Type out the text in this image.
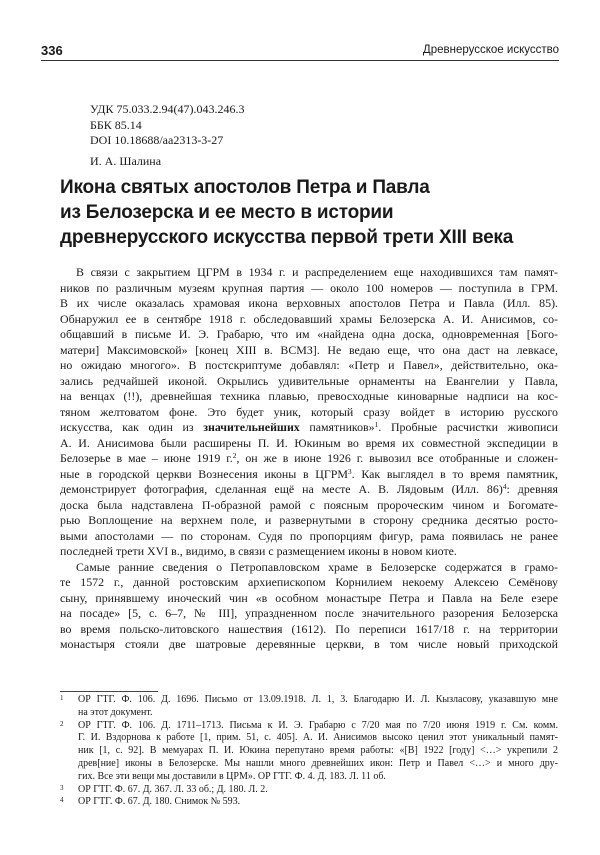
336	Древнерусское искусство
УДК 75.033.2.94(47).043.246.3
ББК 85.14
DOI 10.18688/aa2313-3-27
И. А. Шалина
Икона святых апостолов Петра и Павла
из Белозерска и ее место в истории
древнерусского искусства первой трети XIII века
В связи с закрытием ЦГРМ в 1934 г. и распределением еще находившихся там памят-
ников по различным музеям крупная партия — около 100 номеров — поступила в ГРМ.
В их числе оказалась храмовая икона верховных апостолов Петра и Павла (Илл. 85).
Обнаружил ее в сентябре 1918 г. обследовавший храмы Белозерска А. И. Анисимов, со-
общавший в письме И. Э. Грабарю, что им «найдена одна доска, одновременная [Бого-
матери] Максимовской» [конец XIII в. ВСМЗ]. Не ведаю еще, что она даст на левкасе,
но ожидаю многого». В постскриптуме добавлял: «Петр и Павел», действительно, ока-
зались редчайшей иконой. Окрылись удивительные орнаменты на Евангелии у Павла,
на венцах (!!), древнейшая техника плавью, превосходные киноварные надписи на кос-
тяном желтоватом фоне. Это будет уник, который сразу войдет в историю русского
искусства, как один из значительнейших памятников»$^1$. Пробные расчистки живописи
А. И. Анисимова были расширены П. И. Юкиным во время их совместной экспедиции в
Белозерье в мае – июне 1919 г.$^2$, он же в июне 1926 г. вывозил все отобранные и сложен-
ные в городской церкви Вознесения иконы в ЦГРМ$^3$. Как выглядел в то время памятник,
демонстрирует фотография, сделанная ещё на месте А. В. Лядовым (Илл. 86)$^4$: древняя
доска была надставлена П-образной рамой с поясным пророческим чином и Богомате-
рью Воплощение на верхнем поле, и развернутыми в сторону средника десятью росто-
выми апостолами — по сторонам. Судя по пропорциям фигур, рама появилась не ранее
последней трети XVI в., видимо, в связи с размещением иконы в новом киоте.
Самые ранние сведения о Петропавловском храме в Белозерске содержатся в грамо-
те 1572 г., данной ростовским архиепископом Корнилием некоему Алексею Семёнову
сыну, принявшему иноческий чин «в особном монастыре Петра и Павла на Беле езере
на посаде» [5, с. 6–7, № III], упраздненном после значительного разорения Белозерска
во время польско-литовского нашествия (1612). По переписи 1617/18 г. на территории
монастыря стояли две шатровые деревянные церкви, в том числе новый приходской
1 ОР ГТГ. Ф. 106. Д. 1696. Письмо от 13.09.1918. Л. 1, 3. Благодарю И. Л. Кызласову, указавшую мне
на этот документ.
2 ОР ГТГ. Ф. 106. Д. 1711–1713. Письма к И. Э. Грабарю с 7/20 мая по 7/20 июня 1919 г. См. комм.
Г. И. Вздорнова к работе [1, прим. 51, с. 405]. А. И. Анисимов высоко ценил этот уникальный памят-
ник [1, с. 92]. В мемуарах П. И. Юкина перепутано время работы: «[В] 1922 [году] <…> укрепили 2
древ[ние] иконы в Белозерске. Мы нашли много древнейших икон: Петр и Павел <…> и много дру-
гих. Все эти вещи мы доставили в ЦРМ». ОР ГТГ. Ф. 4. Д. 183. Л. 11 об.
3 ОР ГТГ. Ф. 67. Д. 367. Л. 33 об.; Д. 180. Л. 2.
4 ОР ГТГ. Ф. 67. Д. 180. Снимок № 593.
